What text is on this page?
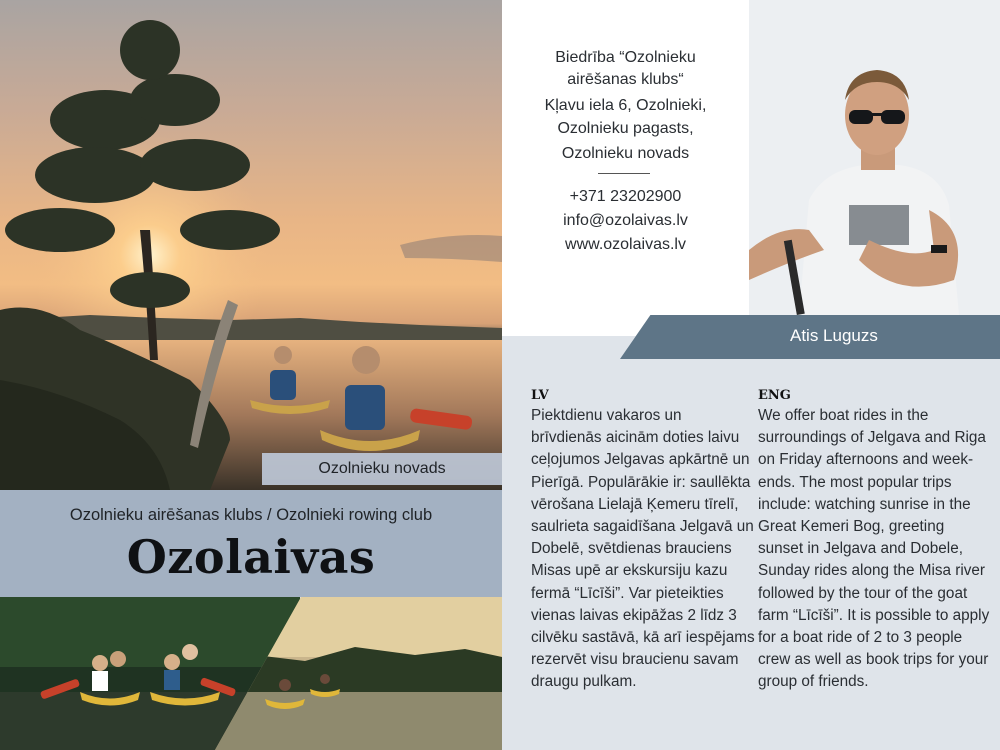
Ozolnieku novads
Ozolnieku airēšanas klubs / Ozolnieki rowing club
Ozolaivas
Biedrība “Ozolnieku
airēšanas klubs“
Kļavu iela 6, Ozolnieki,
Ozolnieku pagasts,
Ozolnieku novads
+371 23202900
info@ozolaivas.lv
www.ozolaivas.lv
Atis Luguzs
LV
Piektdienu vakaros un brīvdienās aicinām doties laivu ceļojumos Jelgavas apkārtnē un Pierīgā. Populārākie ir: saullēkta vērošana Lielajā Ķemeru tīrelī, saulrieta sagaidīšana Jelgavā un Dobelē, svētdienas brauciens Misas upē ar ekskursiju kazu fermā “Līcīši”. Var pieteikties vienas laivas ekipāžas 2 līdz 3 cilvēku sastāvā, kā arī iespējams rezervēt visu braucienu savam draugu pulkam.
ENG
We offer boat rides in the surroundings of Jelgava and Riga on Friday afternoons and week-ends. The most popular trips include: watching sunrise in the Great Kemeri Bog, greeting sunset in Jelgava and Dobele, Sunday rides along the Misa river followed by the tour of the goat farm “Līcīši”. It is possible to apply for a boat ride of 2 to 3 people crew as well as book trips for your group of friends.
